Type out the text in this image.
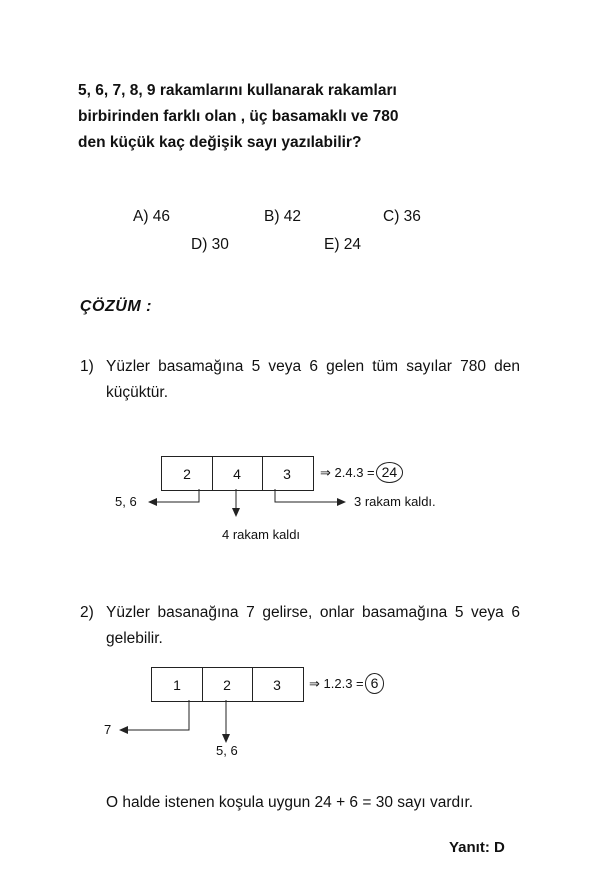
5, 6, 7, 8, 9 rakamlarını kullanarak rakamları
birbirinden farklı olan , üç basamaklı ve 780
den küçük kaç değişik sayı yazılabilir?
A) 46	B) 42	C) 36
D) 30	E) 24
ÇÖZÜM :
1) Yüzler basamağına 5 veya 6 gelen tüm sayılar 780 den küçüktür.
2	4	3	⇒ 2.4.3 = 24
5, 6	3 rakam kaldı.
4 rakam kaldı
2) Yüzler basanağına 7 gelirse, onlar basamağına 5 veya 6 gelebilir.
1	2	3	⇒ 1.2.3 = 6
7
5, 6
O halde istenen koşula uygun 24 + 6 = 30 sayı vardır.
Yanıt: D
